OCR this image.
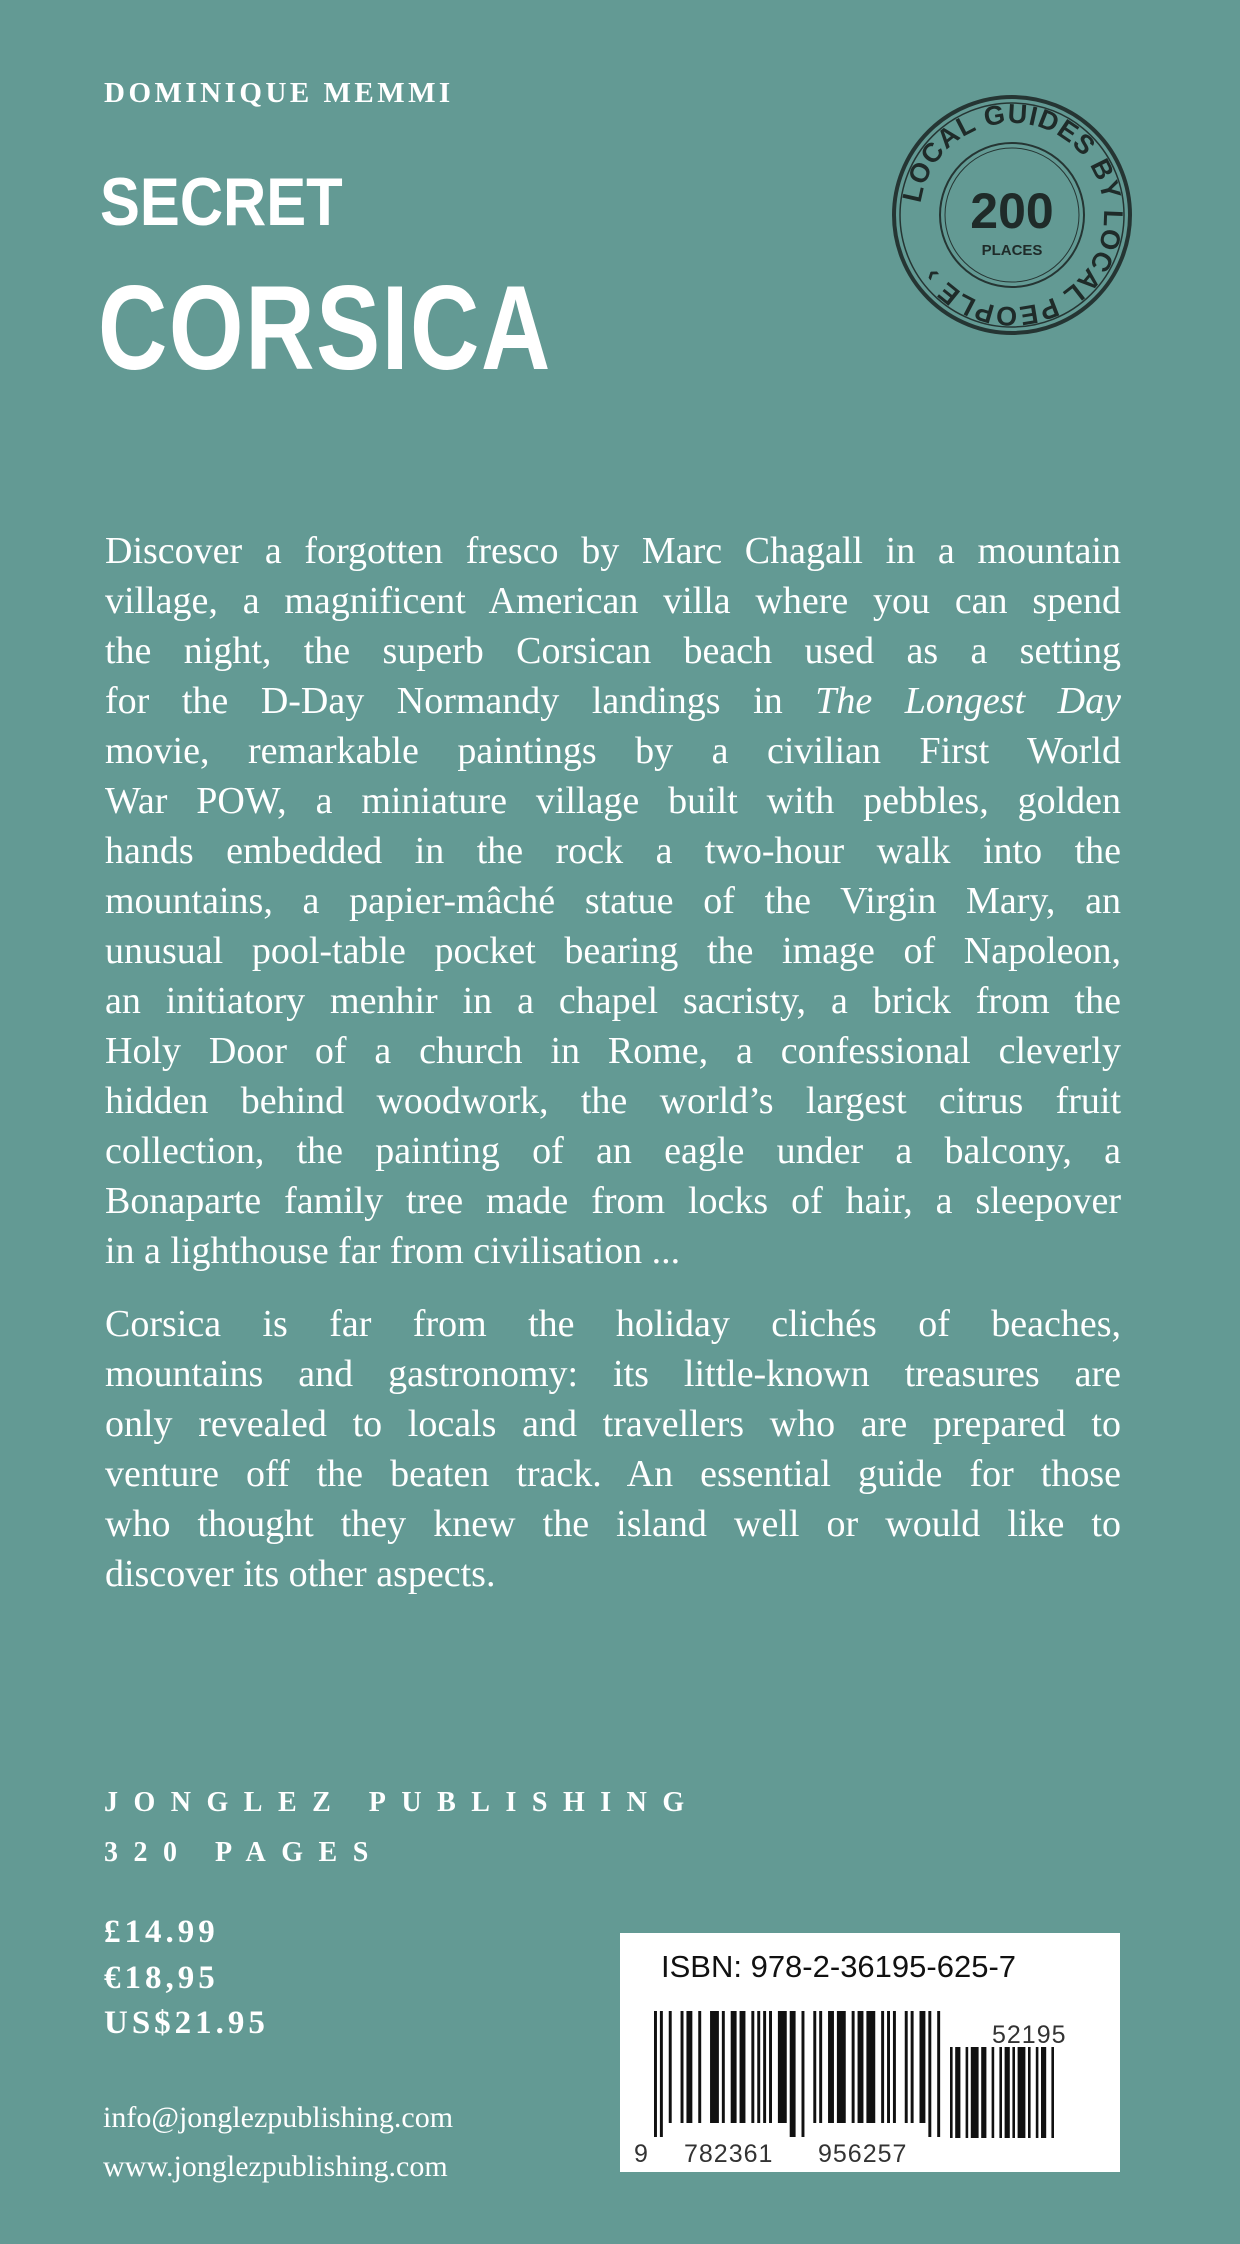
DOMINIQUE MEMMI
SECRET
CORSICA
LOCAL GUIDES BY LOCAL PEOPLE ›
200
PLACES
Discover a forgotten fresco by Marc Chagall in a mountain
village, a magnificent American villa where you can spend
the night, the superb Corsican beach used as a setting
for the D-Day Normandy landings in The Longest Day
movie, remarkable paintings by a civilian First World
War POW, a miniature village built with pebbles, golden
hands embedded in the rock a two-hour walk into the
mountains, a papier-mâché statue of the Virgin Mary, an
unusual pool-table pocket bearing the image of Napoleon,
an initiatory menhir in a chapel sacristy, a brick from the
Holy Door of a church in Rome, a confessional cleverly
hidden behind woodwork, the world’s largest citrus fruit
collection, the painting of an eagle under a balcony, a
Bonaparte family tree made from locks of hair, a sleepover
in a lighthouse far from civilisation ...
Corsica is far from the holiday clichés of beaches,
mountains and gastronomy: its little-known treasures are
only revealed to locals and travellers who are prepared to
venture off the beaten track. An essential guide for those
who thought they knew the island well or would like to
discover its other aspects.
JONGLEZ PUBLISHING
320 PAGES
£14.99
€18,95
US$21.95
info@jonglezpublishing.com
www.jonglezpublishing.com
ISBN: 978-2-36195-625-7
9 782361 956257
52195
